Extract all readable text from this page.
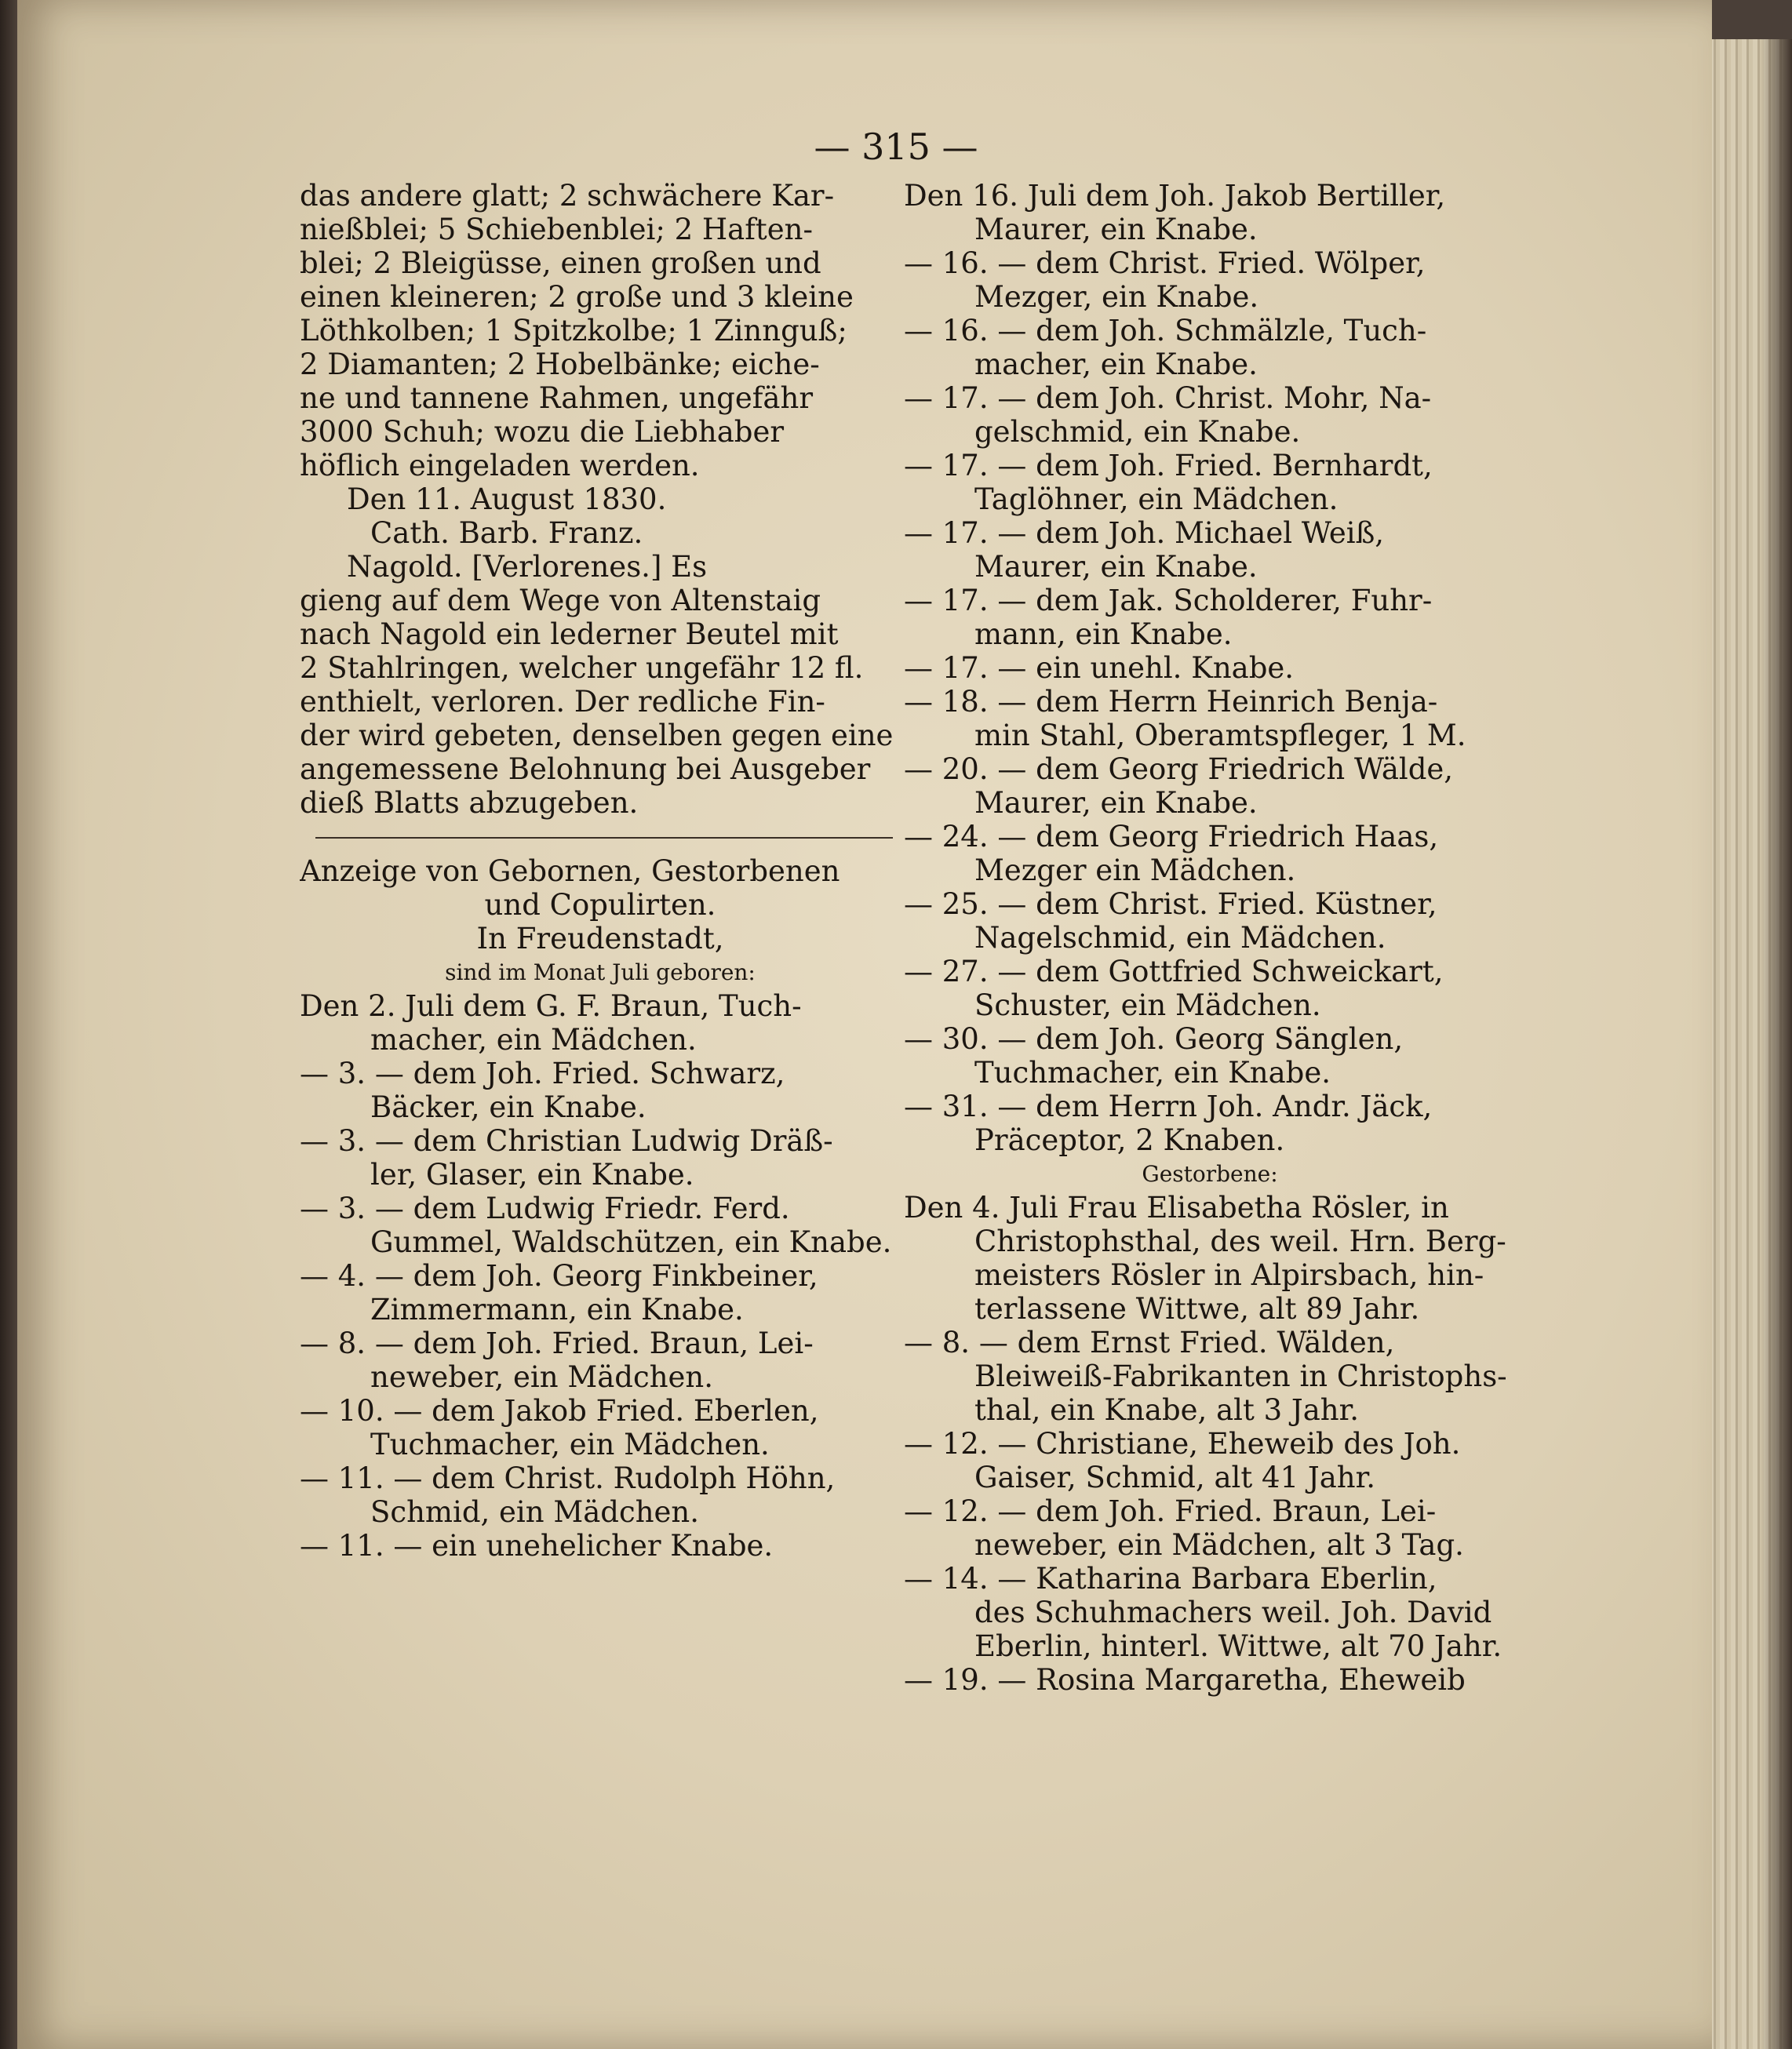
— 315 —
das andere glatt; 2 schwächere Kar-
nießblei; 5 Schiebenblei; 2 Haften-
blei; 2 Bleigüsse, einen großen und
einen kleineren; 2 große und 3 kleine
Löthkolben; 1 Spitzkolbe; 1 Zinnguß;
2 Diamanten; 2 Hobelbänke; eiche-
ne und tannene Rahmen, ungefähr
3000 Schuh; wozu die Liebhaber
höflich eingeladen werden.
Den 11. August 1830.
Cath. Barb. Franz.
Nagold. [Verlorenes.] Es
gieng auf dem Wege von Altenstaig
nach Nagold ein lederner Beutel mit
2 Stahlringen, welcher ungefähr 12 fl.
enthielt, verloren. Der redliche Fin-
der wird gebeten, denselben gegen eine
angemessene Belohnung bei Ausgeber
dieß Blatts abzugeben.
Anzeige von Gebornen, Gestorbenen
und Copulirten.
In Freudenstadt,
sind im Monat Juli geboren:
Den 2. Juli dem G. F. Braun, Tuch-
macher, ein Mädchen.
— 3. — dem Joh. Fried. Schwarz,
Bäcker, ein Knabe.
— 3. — dem Christian Ludwig Dräß-
ler, Glaser, ein Knabe.
— 3. — dem Ludwig Friedr. Ferd.
Gummel, Waldschützen, ein Knabe.
— 4. — dem Joh. Georg Finkbeiner,
Zimmermann, ein Knabe.
— 8. — dem Joh. Fried. Braun, Lei-
neweber, ein Mädchen.
— 10. — dem Jakob Fried. Eberlen,
Tuchmacher, ein Mädchen.
— 11. — dem Christ. Rudolph Höhn,
Schmid, ein Mädchen.
— 11. — ein unehelicher Knabe.
Den 16. Juli dem Joh. Jakob Bertiller,
Maurer, ein Knabe.
— 16. — dem Christ. Fried. Wölper,
Mezger, ein Knabe.
— 16. — dem Joh. Schmälzle, Tuch-
macher, ein Knabe.
— 17. — dem Joh. Christ. Mohr, Na-
gelschmid, ein Knabe.
— 17. — dem Joh. Fried. Bernhardt,
Taglöhner, ein Mädchen.
— 17. — dem Joh. Michael Weiß,
Maurer, ein Knabe.
— 17. — dem Jak. Scholderer, Fuhr-
mann, ein Knabe.
— 17. — ein unehl. Knabe.
— 18. — dem Herrn Heinrich Benja-
min Stahl, Oberamtspfleger, 1 M.
— 20. — dem Georg Friedrich Wälde,
Maurer, ein Knabe.
— 24. — dem Georg Friedrich Haas,
Mezger ein Mädchen.
— 25. — dem Christ. Fried. Küstner,
Nagelschmid, ein Mädchen.
— 27. — dem Gottfried Schweickart,
Schuster, ein Mädchen.
— 30. — dem Joh. Georg Sänglen,
Tuchmacher, ein Knabe.
— 31. — dem Herrn Joh. Andr. Jäck,
Präceptor, 2 Knaben.
Gestorbene:
Den 4. Juli Frau Elisabetha Rösler, in
Christophsthal, des weil. Hrn. Berg-
meisters Rösler in Alpirsbach, hin-
terlassene Wittwe, alt 89 Jahr.
— 8. — dem Ernst Fried. Wälden,
Bleiweiß-Fabrikanten in Christophs-
thal, ein Knabe, alt 3 Jahr.
— 12. — Christiane, Eheweib des Joh.
Gaiser, Schmid, alt 41 Jahr.
— 12. — dem Joh. Fried. Braun, Lei-
neweber, ein Mädchen, alt 3 Tag.
— 14. — Katharina Barbara Eberlin,
des Schuhmachers weil. Joh. David
Eberlin, hinterl. Wittwe, alt 70 Jahr.
— 19. — Rosina Margaretha, Eheweib
